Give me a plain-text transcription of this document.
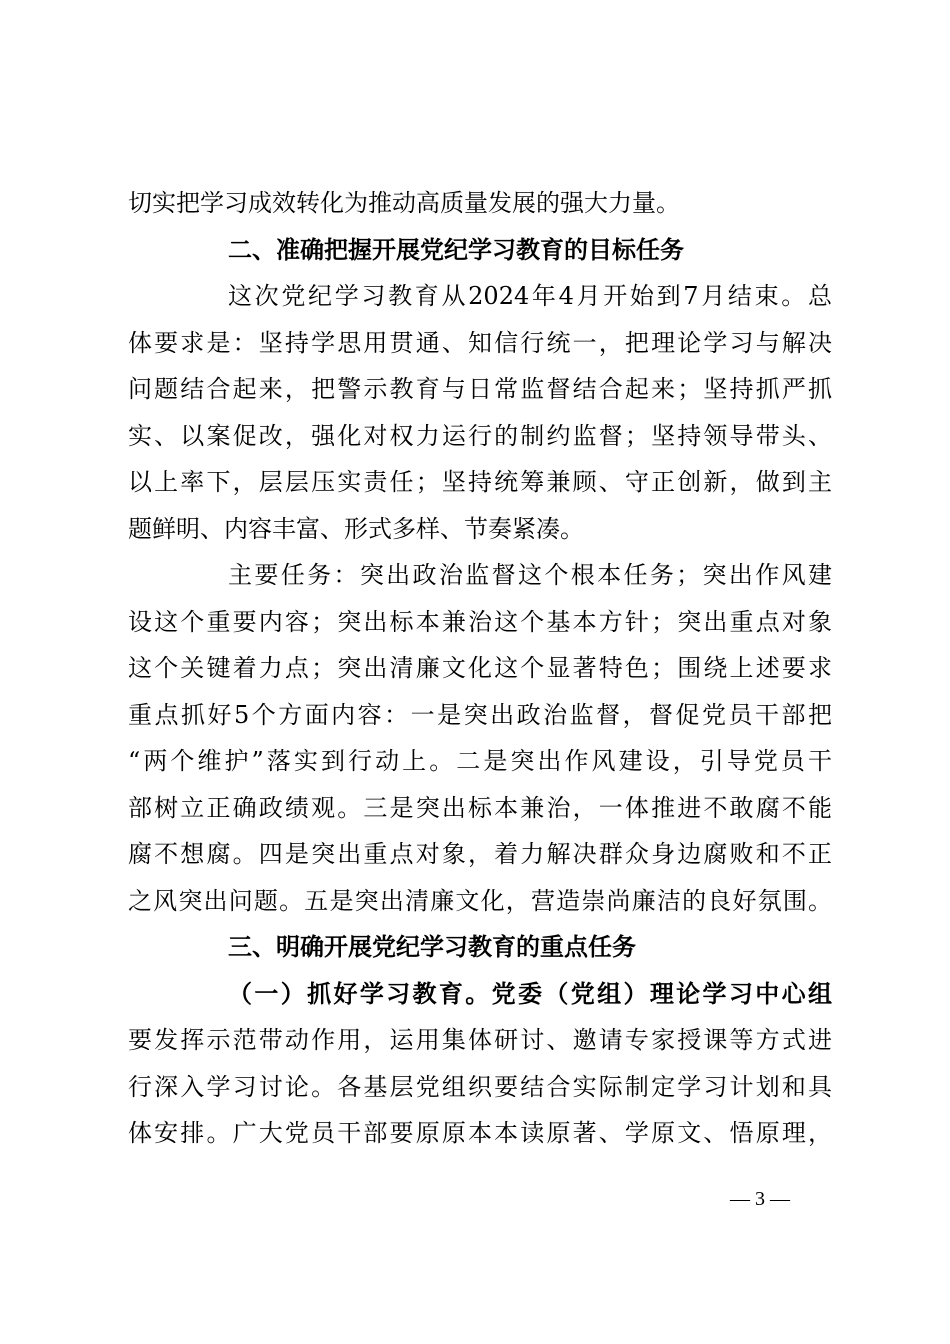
切实把学习成效转化为推动高质量发展的强大力量。
二、准确把握开展党纪学习教育的目标任务
这次党纪学习教育从2024年4月开始到7月结束。总
体要求是：坚持学思用贯通、知信行统一，把理论学习与解决
问题结合起来，把警示教育与日常监督结合起来；坚持抓严抓
实、以案促改，强化对权力运行的制约监督；坚持领导带头、
以上率下，层层压实责任；坚持统筹兼顾、守正创新，做到主
题鲜明、内容丰富、形式多样、节奏紧凑。
主要任务：突出政治监督这个根本任务；突出作风建
设这个重要内容；突出标本兼治这个基本方针；突出重点对象
这个关键着力点；突出清廉文化这个显著特色；围绕上述要求
重点抓好5个方面内容：一是突出政治监督，督促党员干部把
“两个维护”落实到行动上。二是突出作风建设，引导党员干
部树立正确政绩观。三是突出标本兼治，一体推进不敢腐不能
腐不想腐。四是突出重点对象，着力解决群众身边腐败和不正
之风突出问题。五是突出清廉文化，营造崇尚廉洁的良好氛围。
三、明确开展党纪学习教育的重点任务
（一）抓好学习教育。党委（党组）理论学习中心组
要发挥示范带动作用，运用集体研讨、邀请专家授课等方式进
行深入学习讨论。各基层党组织要结合实际制定学习计划和具
体安排。广大党员干部要原原本本读原著、学原文、悟原理，
— 3 —
